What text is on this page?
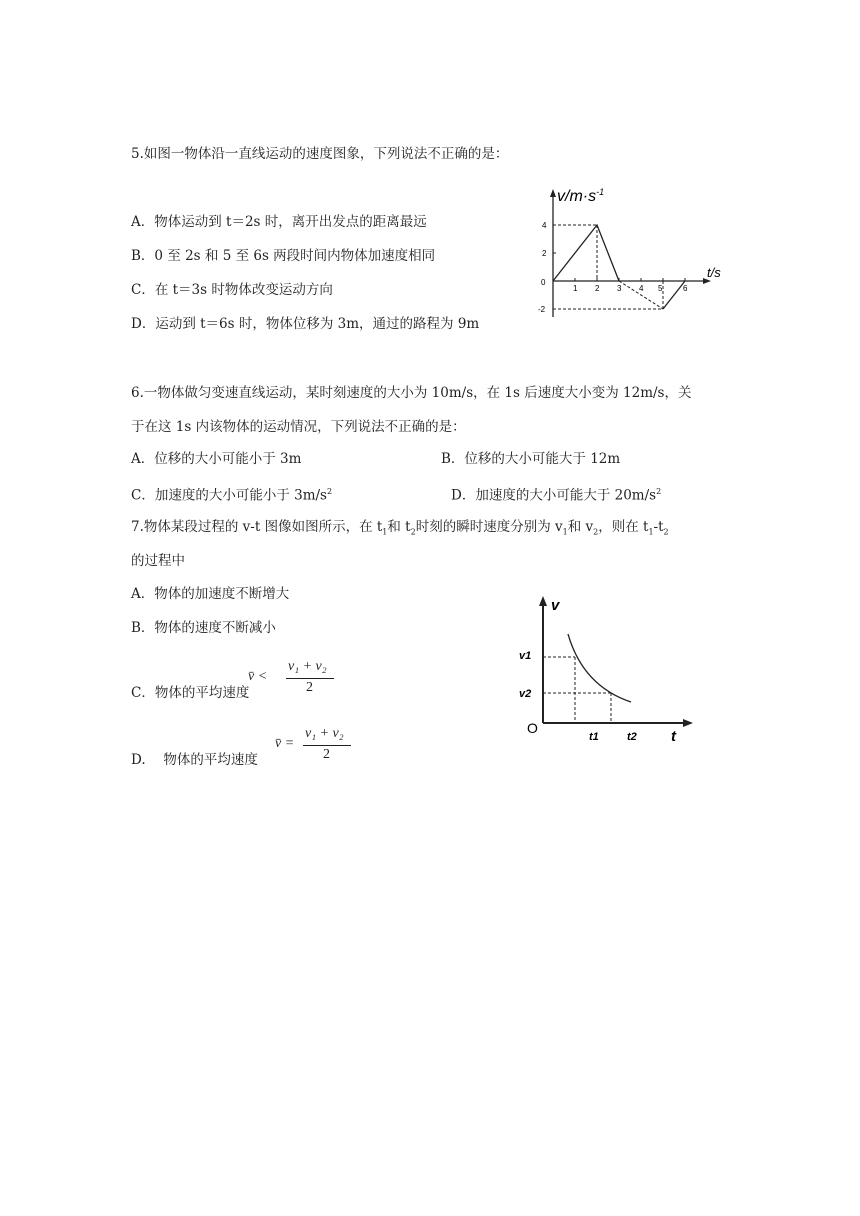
5.如图一物体沿一直线运动的速度图象，下列说法不正确的是：
A．物体运动到 t＝2s 时，离开出发点的距离最远
B．0 至 2s 和 5 至 6s 两段时间内物体加速度相同
C．在 t＝3s 时物体改变运动方向
D．运动到 t＝6s 时，物体位移为 3m，通过的路程为 9m
$v/m\cdot s^{-1}$
t/s
0
4
2
-2
1 2 3 4 5	6
6.一物体做匀变速直线运动，某时刻速度的大小为 10m/s，在 1s 后速度大小变为 12m/s，关
于在这 1s 内该物体的运动情况，下列说法不正确的是：
A．位移的大小可能小于 3m	B．位移的大小可能大于 12m
C．加速度的大小可能小于 $3m/s^2$	D．加速度的大小可能大于 $20m/s^2$
7.物体某段过程的 v-t 图像如图所示，在 $t_1$和 $t_2$时刻的瞬时速度分别为 $v_1$和 $v_2$，则在 $t_1-t_2$
的过程中
A．物体的加速度不断增大
B．物体的速度不断减小
C．物体的平均速度
D.　 物体的平均速度
v̄ <
v₁ + v₂
2
v̄ =
v₁ + v₂
2
v
t
O
v1
v2
t1	t2
